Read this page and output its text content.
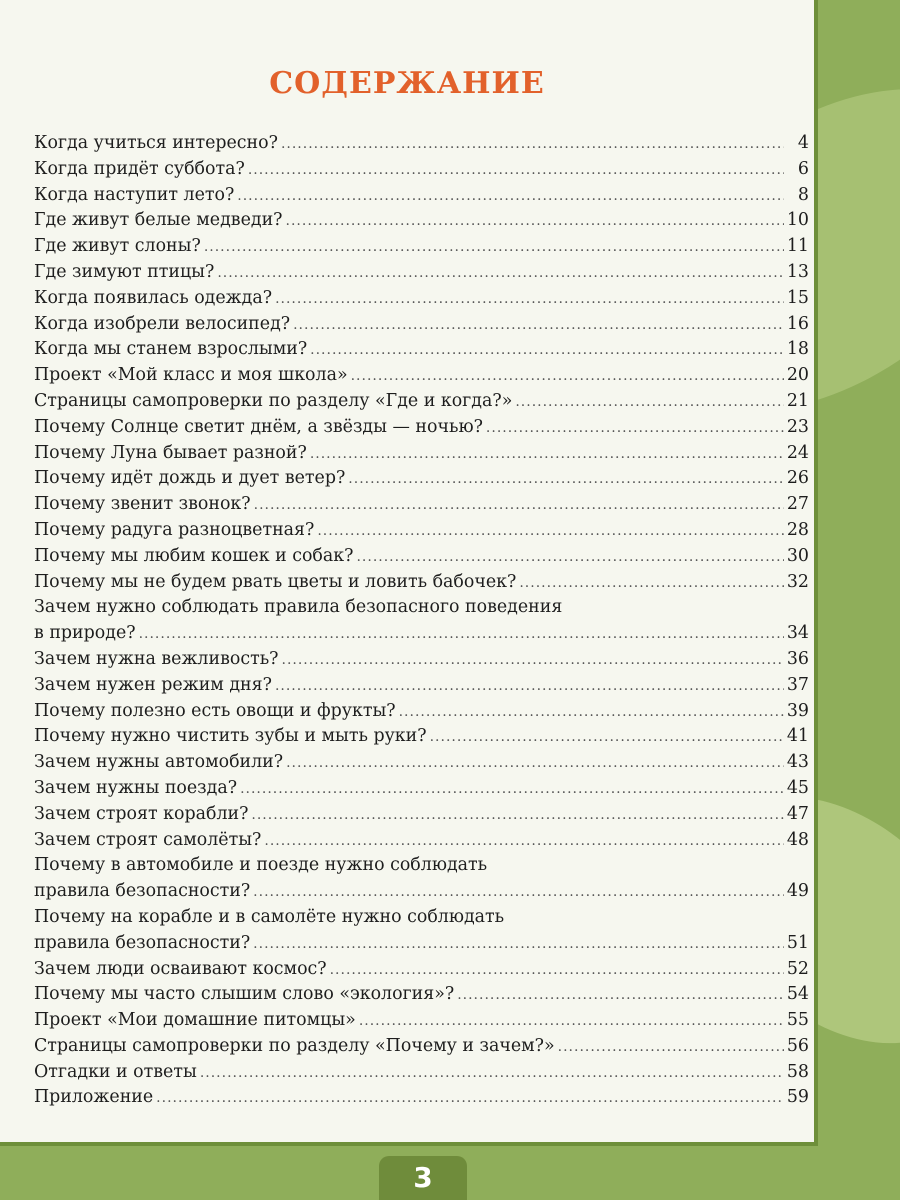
СОДЕРЖАНИЕ
Когда учиться интересно? .....	4
Когда придёт суббота? .....	6
Когда наступит лето? .....	8
Где живут белые медведи? .....	10
Где живут слоны? .....	11
Где зимуют птицы? .....	13
Когда появилась одежда? .....	15
Когда изобрели велосипед? .....	16
Когда мы станем взрослыми? .....	18
Проект «Мой класс и моя школа» .....	20
Страницы самопроверки по разделу «Где и когда?» .....	21
Почему Солнце светит днём, а звёзды — ночью? .....	23
Почему Луна бывает разной? .....	24
Почему идёт дождь и дует ветер? .....	26
Почему звенит звонок? .....	27
Почему радуга разноцветная? .....	28
Почему мы любим кошек и собак? .....	30
Почему мы не будем рвать цветы и ловить бабочек? .....	32
Зачем нужно соблюдать правила безопасного поведения
в природе? .....	34
Зачем нужна вежливость? .....	36
Зачем нужен режим дня? .....	37
Почему полезно есть овощи и фрукты? .....	39
Почему нужно чистить зубы и мыть руки? .....	41
Зачем нужны автомобили? .....	43
Зачем нужны поезда? .....	45
Зачем строят корабли? .....	47
Зачем строят самолёты? .....	48
Почему в автомобиле и поезде нужно соблюдать
правила безопасности? .....	49
Почему на корабле и в самолёте нужно соблюдать
правила безопасности? .....	51
Зачем люди осваивают космос? .....	52
Почему мы часто слышим слово «экология»? .....	54
Проект «Мои домашние питомцы» .....	55
Страницы самопроверки по разделу «Почему и зачем?» .....	56
Отгадки и ответы .....	58
Приложение .....	59
3
